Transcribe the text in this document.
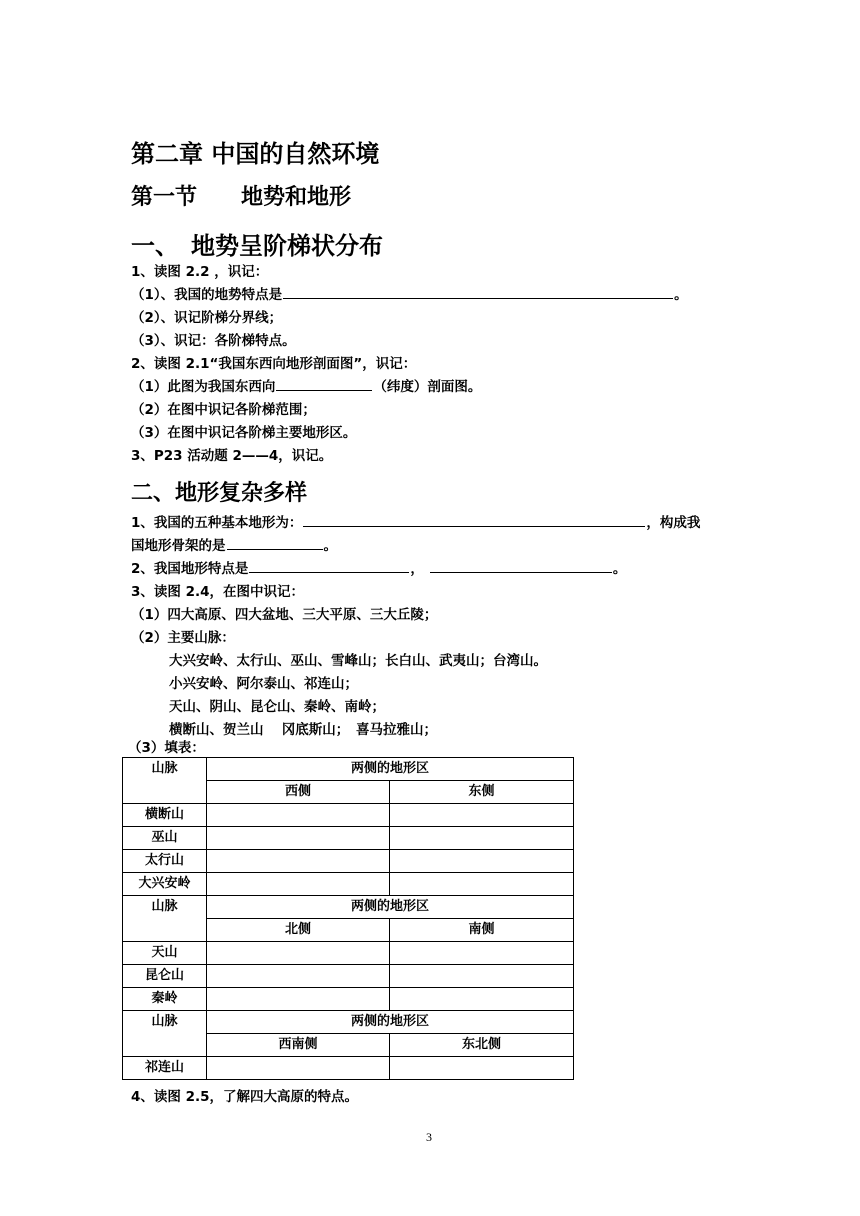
第二章 中国的自然环境
第一节　　地势和地形
一、　地势呈阶梯状分布
1、读图 2.2 ，识记：
（1）、我国的地势特点是	。
（2）、识记阶梯分界线；
（3）、识记：各阶梯特点。
2、读图 2.1“我国东西向地形剖面图”，识记：
（1）此图为我国东西向	（纬度）剖面图。
（2）在图中识记各阶梯范围；
（3）在图中识记各阶梯主要地形区。
3、P23 活动题 2——4，识记。
二、地形复杂多样
1、我国的五种基本地形为：	，构成我
国地形骨架的是	。
2、我国地形特点是	，	。
3、读图 2.4，在图中识记：
（1）四大高原、四大盆地、三大平原、三大丘陵；
（2）主要山脉：
大兴安岭、太行山、巫山、雪峰山；长白山、武夷山；台湾山。
小兴安岭、阿尔泰山、祁连山；
天山、阴山、昆仑山、秦岭、南岭；
横断山、贺兰山　 冈底斯山；　喜马拉雅山；
（3）填表：
山脉	两侧的地形区	
	西侧	东侧
横断山		
巫山		
太行山		
大兴安岭		
山脉	两侧的地形区	
	北侧	南侧
天山		
昆仑山		
秦岭		
山脉	两侧的地形区	
	西南侧	东北侧
祁连山		
4、读图 2.5，了解四大高原的特点。
3
